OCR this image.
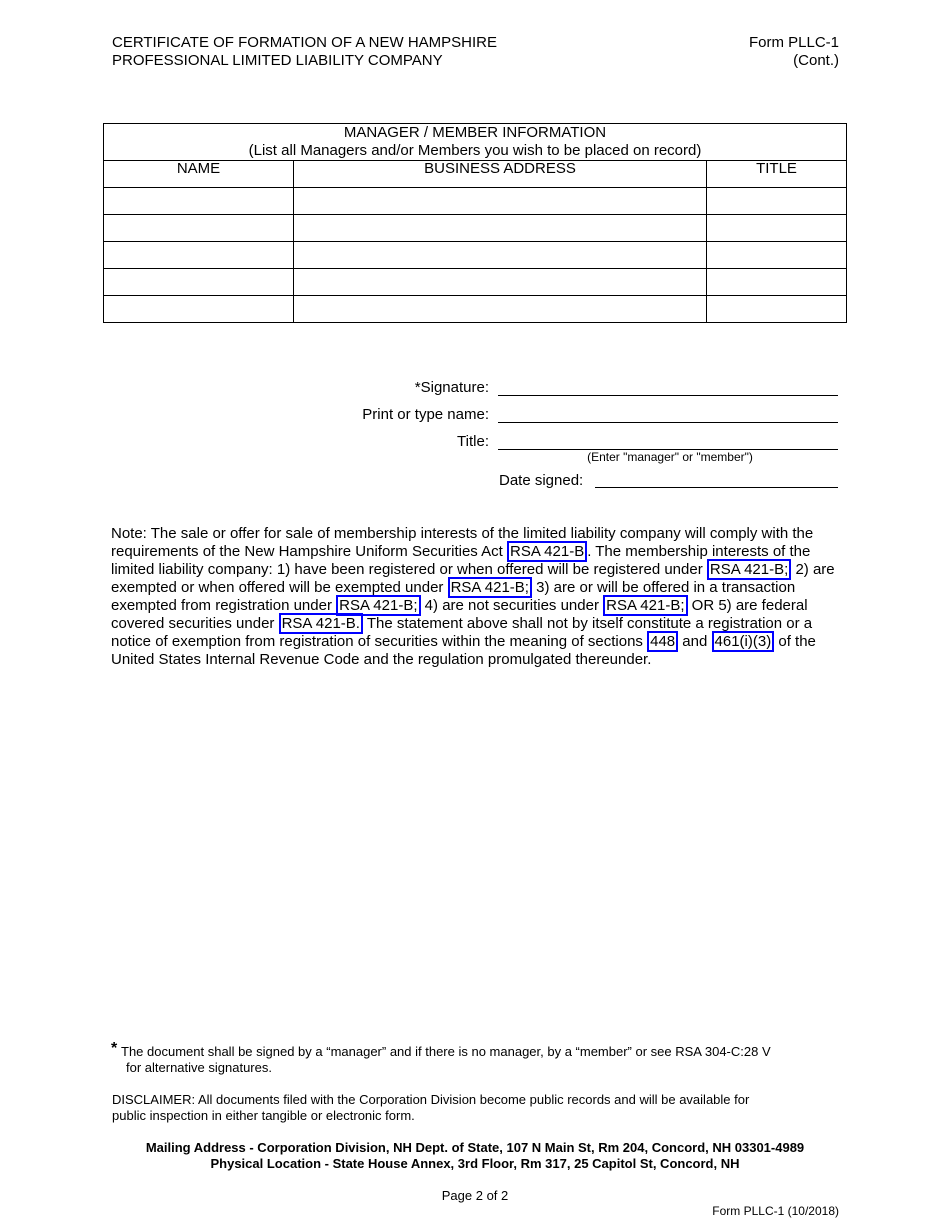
CERTIFICATE OF FORMATION OF A NEW HAMPSHIRE
PROFESSIONAL LIMITED LIABILITY COMPANY
Form PLLC-1
(Cont.)
MANAGER / MEMBER INFORMATION
(List all Managers and/or Members you wish to be placed on record)		

NAME	BUSINESS ADDRESS	TITLE

*Signature:
Print or type name:
Title:
(Enter "manager" or "member")
Date signed:
Note: The sale or offer for sale of membership interests of the limited liability company will comply with the requirements of the New Hampshire Uniform Securities Act RSA 421-B . The membership interests of the limited liability company: 1) have been registered or when offered will be registered under RSA 421-B; 2) are exempted or when offered will be exempted under RSA 421-B; 3) are or will be offered in a transaction exempted from registration under RSA 421-B; 4) are not securities under RSA 421-B; OR 5) are federal covered securities under RSA 421-B. The statement above shall not by itself constitute a registration or a notice of exemption from registration of securities within the meaning of sections 448 and 461(i)(3) of the United States Internal Revenue Code and the regulation promulgated thereunder.
* The document shall be signed by a “manager” and if there is no manager, by a “member” or see RSA 304-C:28 V
for alternative signatures.
DISCLAIMER: All documents filed with the Corporation Division become public records and will be available for
public inspection in either tangible or electronic form.
Mailing Address - Corporation Division, NH Dept. of State, 107 N Main St, Rm 204, Concord, NH 03301-4989
Physical Location - State House Annex, 3rd Floor, Rm 317, 25 Capitol St, Concord, NH
Page 2 of 2
Form PLLC-1 (10/2018)
